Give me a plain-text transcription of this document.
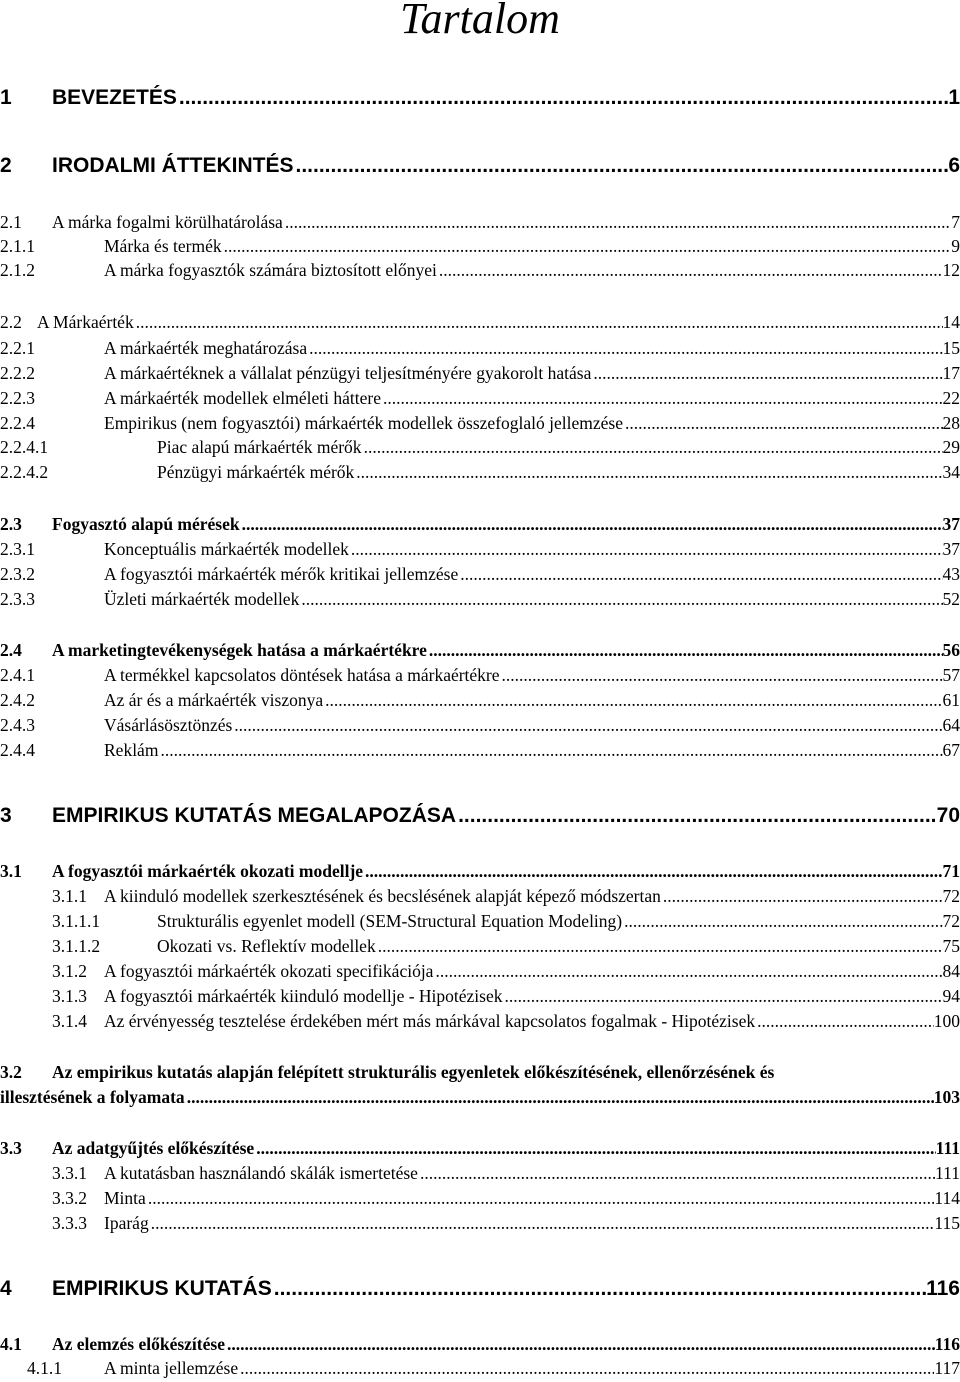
Tartalom
1 BEVEZETÉS .....	1
2 IRODALMI ÁTTEKINTÉS .....	6
2.1 A márka fogalmi körülhatárolása .....	7
2.1.1	Márka és termék .....	9
2.1.2	A márka fogyasztók számára biztosított előnyei .....	12
2.2 A Márkaérték .....	14
2.2.1	A márkaérték meghatározása .....	15
2.2.2	A márkaértéknek a vállalat pénzügyi teljesítményére gyakorolt hatása .....	17
2.2.3	A márkaérték modellek elméleti háttere .....	22
2.2.4	Empirikus (nem fogyasztói) márkaérték modellek összefoglaló jellemzése .....	28
2.2.4.1	Piac alapú márkaérték mérők .....	29
2.2.4.2	Pénzügyi márkaérték mérők .....	34
2.3 Fogyasztó alapú mérések .....	37
2.3.1	Konceptuális márkaérték modellek .....	37
2.3.2	A fogyasztói márkaérték mérők kritikai jellemzése .....	43
2.3.3	Üzleti márkaérték modellek .....	52
2.4 A marketingtevékenységek hatása a márkaértékre .....	56
2.4.1	A termékkel kapcsolatos döntések hatása a márkaértékre .....	57
2.4.2	Az ár és a márkaérték viszonya .....	61
2.4.3	Vásárlásösztönzés .....	64
2.4.4	Reklám .....	67
3 EMPIRIKUS KUTATÁS MEGALAPOZÁSA .....	70
3.1 A fogyasztói márkaérték okozati modellje .....	71
3.1.1 A kiinduló modellek szerkesztésének és becslésének alapját képező módszertan .....	72
3.1.1.1	Strukturális egyenlet modell (SEM-Structural Equation Modeling) .....	72
3.1.1.2	Okozati vs. Reflektív modellek .....	75
3.1.2 A fogyasztói márkaérték okozati specifikációja .....	84
3.1.3 A fogyasztói márkaérték kiinduló modellje - Hipotézisek .....	94
3.1.4 Az érvényesség tesztelése érdekében mért más márkával kapcsolatos fogalmak - Hipotézisek .....	100
3.2	Az empirikus kutatás alapján felépített strukturális egyenletek előkészítésének, ellenőrzésének és
illesztésének a folyamata .....	103
3.3 Az adatgyűjtés előkészítése .....	111
3.3.1 A kutatásban használandó skálák ismertetése .....	111
3.3.2 Minta .....	114
3.3.3 Iparág .....	115
4 EMPIRIKUS KUTATÁS .....	116
4.1 Az elemzés előkészítése .....	116
4.1.1 A minta jellemzése .....	117
